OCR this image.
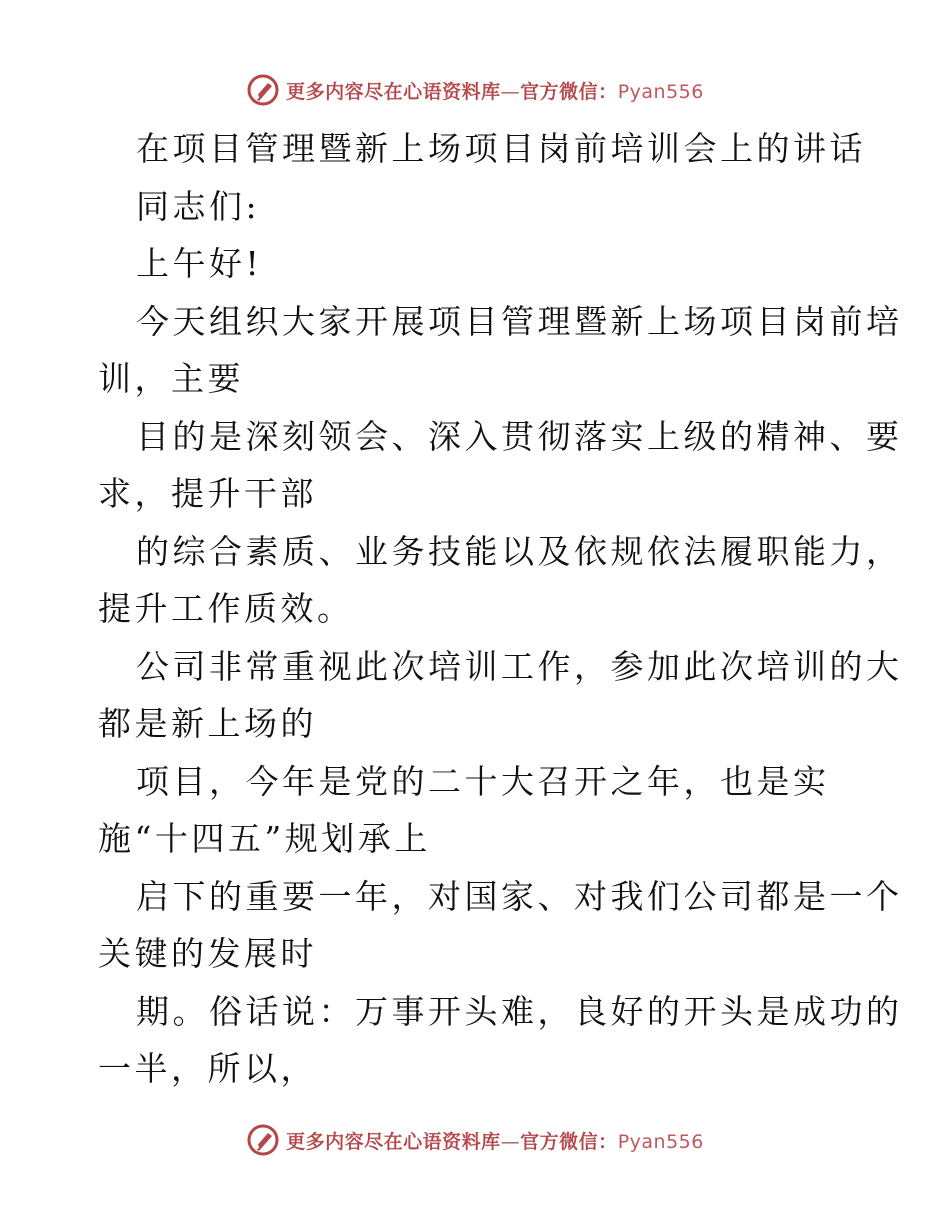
更多内容尽在心语资料库—官方微信：Pyan556
在项目管理暨新上场项目岗前培训会上的讲话
同志们:
上午好!
今天组织大家开展项目管理暨新上场项目岗前培
训，主要
目的是深刻领会、深入贯彻落实上级的精神、要
求，提升干部
的综合素质、业务技能以及依规依法履职能力，
提升工作质效。
公司非常重视此次培训工作，参加此次培训的大
都是新上场的
项目，今年是党的二十大召开之年，也是实
施“十四五”规划承上
启下的重要一年，对国家、对我们公司都是一个
关键的发展时
期。俗话说：万事开头难，良好的开头是成功的
一半，所以，
更多内容尽在心语资料库—官方微信：Pyan556
